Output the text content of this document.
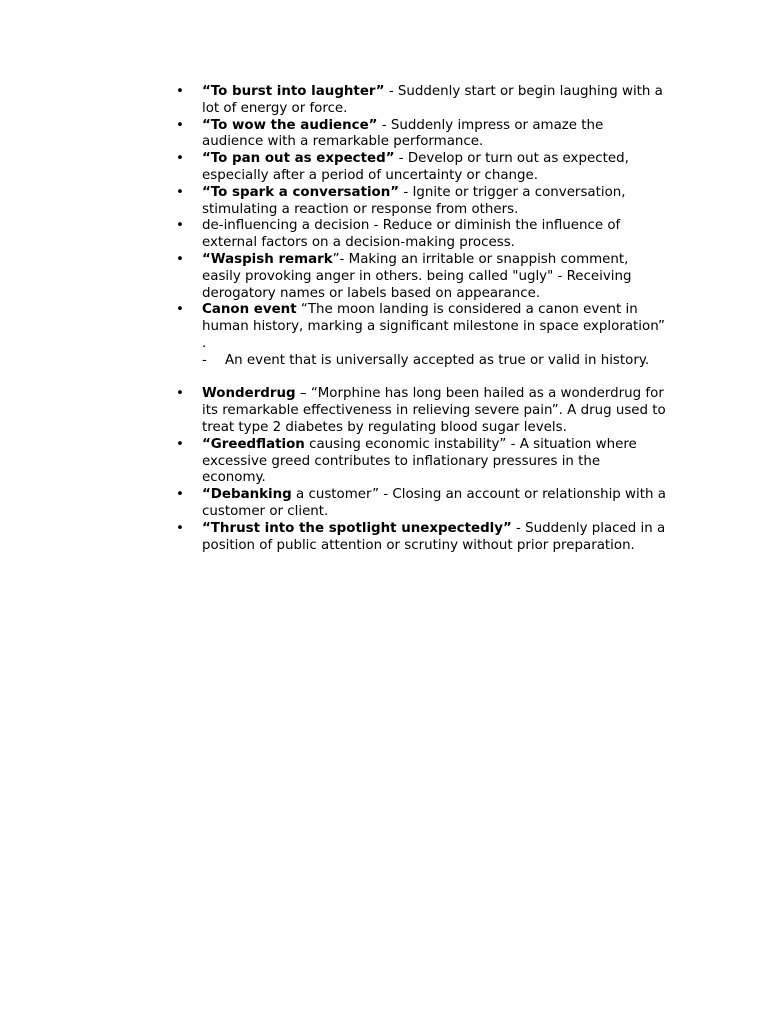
• “To burst into laughter” - Suddenly start or begin laughing with a lot of energy or force.
• “To wow the audience” - Suddenly impress or amaze the audience with a remarkable performance.
• “To pan out as expected” - Develop or turn out as expected, especially after a period of uncertainty or change.
• “To spark a conversation” - Ignite or trigger a conversation, stimulating a reaction or response from others.
• de-influencing a decision - Reduce or diminish the influence of external factors on a decision-making process.
• “Waspish remark”- Making an irritable or snappish comment, easily provoking anger in others. being called "ugly" - Receiving derogatory names or labels based on appearance.
• Canon event “The moon landing is considered a canon event in human history, marking a significant milestone in space exploration” .
- An event that is universally accepted as true or valid in history.
• Wonderdrug – “Morphine has long been hailed as a wonderdrug for its remarkable effectiveness in relieving severe pain”. A drug used to treat type 2 diabetes by regulating blood sugar levels.
• “Greedflation causing economic instability” - A situation where excessive greed contributes to inflationary pressures in the economy.
• “Debanking a customer” - Closing an account or relationship with a customer or client.
• “Thrust into the spotlight unexpectedly” - Suddenly placed in a position of public attention or scrutiny without prior preparation.
